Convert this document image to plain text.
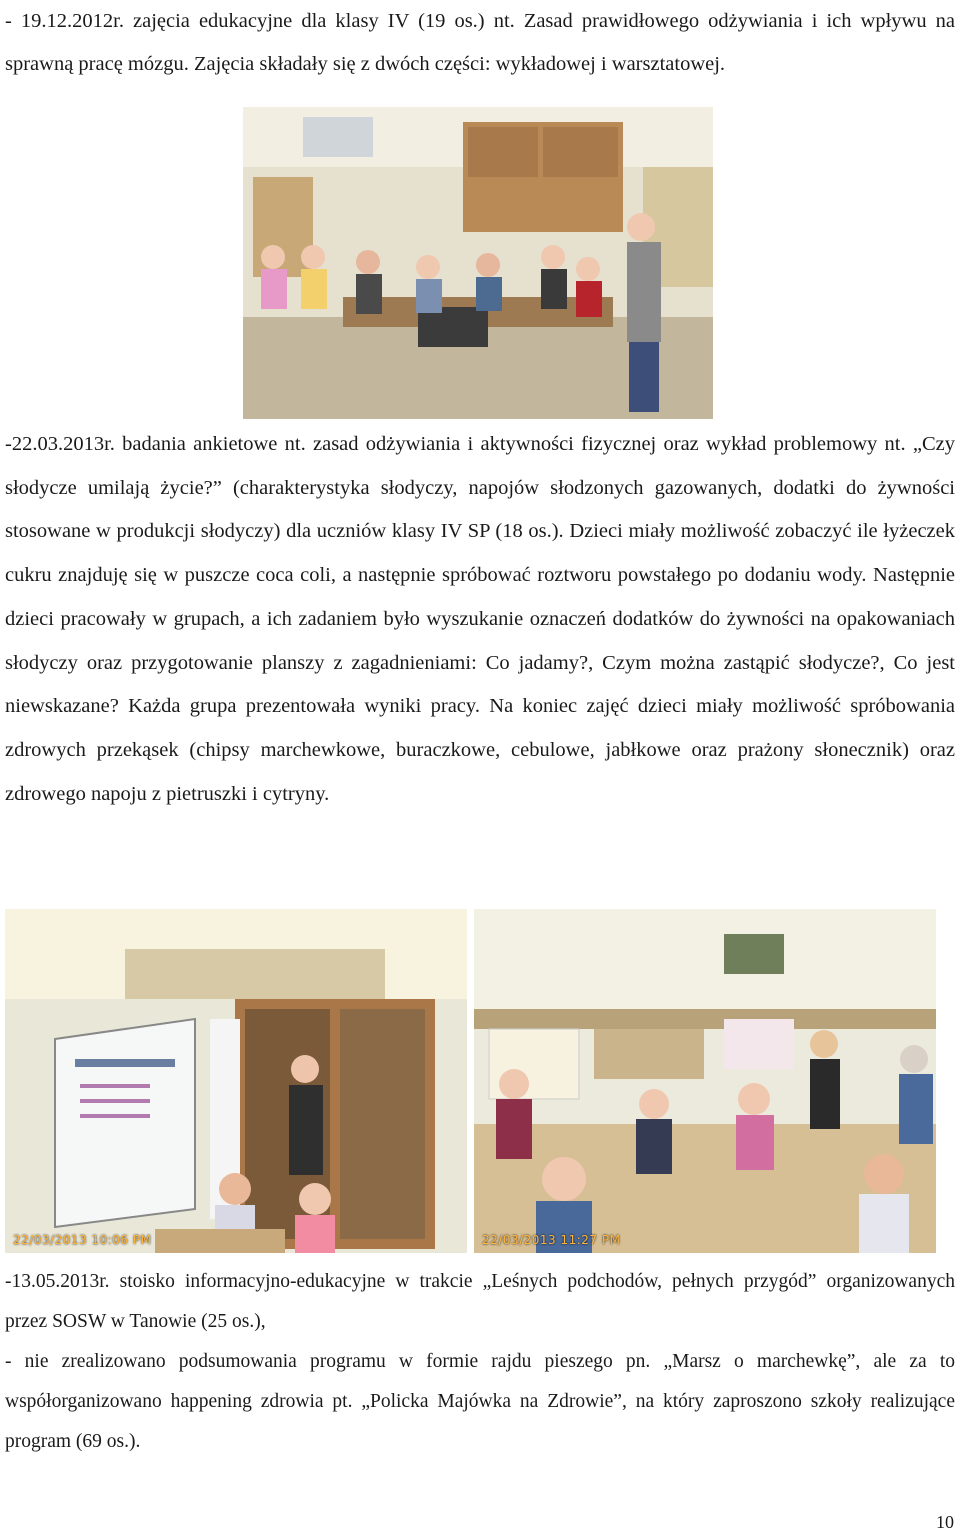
- 19.12.2012r. zajęcia edukacyjne dla klasy IV (19 os.) nt. Zasad prawidłowego odżywiania i ich wpływu na sprawną pracę mózgu. Zajęcia składały się z dwóch części: wykładowej i warsztatowej.

-22.03.2013r. badania ankietowe nt. zasad odżywiania i aktywności fizycznej oraz wykład problemowy nt. „Czy słodycze umilają życie?” (charakterystyka słodyczy, napojów słodzonych gazowanych, dodatki do żywności stosowane w produkcji słodyczy) dla uczniów klasy IV SP (18 os.). Dzieci miały możliwość zobaczyć ile łyżeczek cukru znajduję się w puszcze coca coli, a następnie spróbować roztworu powstałego po dodaniu wody. Następnie dzieci pracowały w grupach, a ich zadaniem było wyszukanie oznaczeń dodatków do żywności na opakowaniach słodyczy oraz przygotowanie planszy z zagadnieniami: Co jadamy?, Czym można zastąpić słodycze?, Co jest niewskazane? Każda grupa prezentowała wyniki pracy. Na koniec zajęć dzieci miały możliwość spróbowania zdrowych przekąsek (chipsy marchewkowe, buraczkowe, cebulowe, jabłkowe oraz prażony słonecznik) oraz zdrowego napoju z pietruszki i cytryny.

22/03/2013 10:06 PM	22/03/2013 11:27 PM
-13.05.2013r. stoisko informacyjno-edukacyjne w trakcie „Leśnych podchodów, pełnych przygód” organizowanych przez SOSW w Tanowie (25 os.),
- nie zrealizowano podsumowania programu w formie rajdu pieszego pn. „Marsz o marchewkę”, ale za to współorganizowano happening zdrowia pt. „Policka Majówka na Zdrowie”, na który zaproszono szkoły realizujące program (69 os.).
10
